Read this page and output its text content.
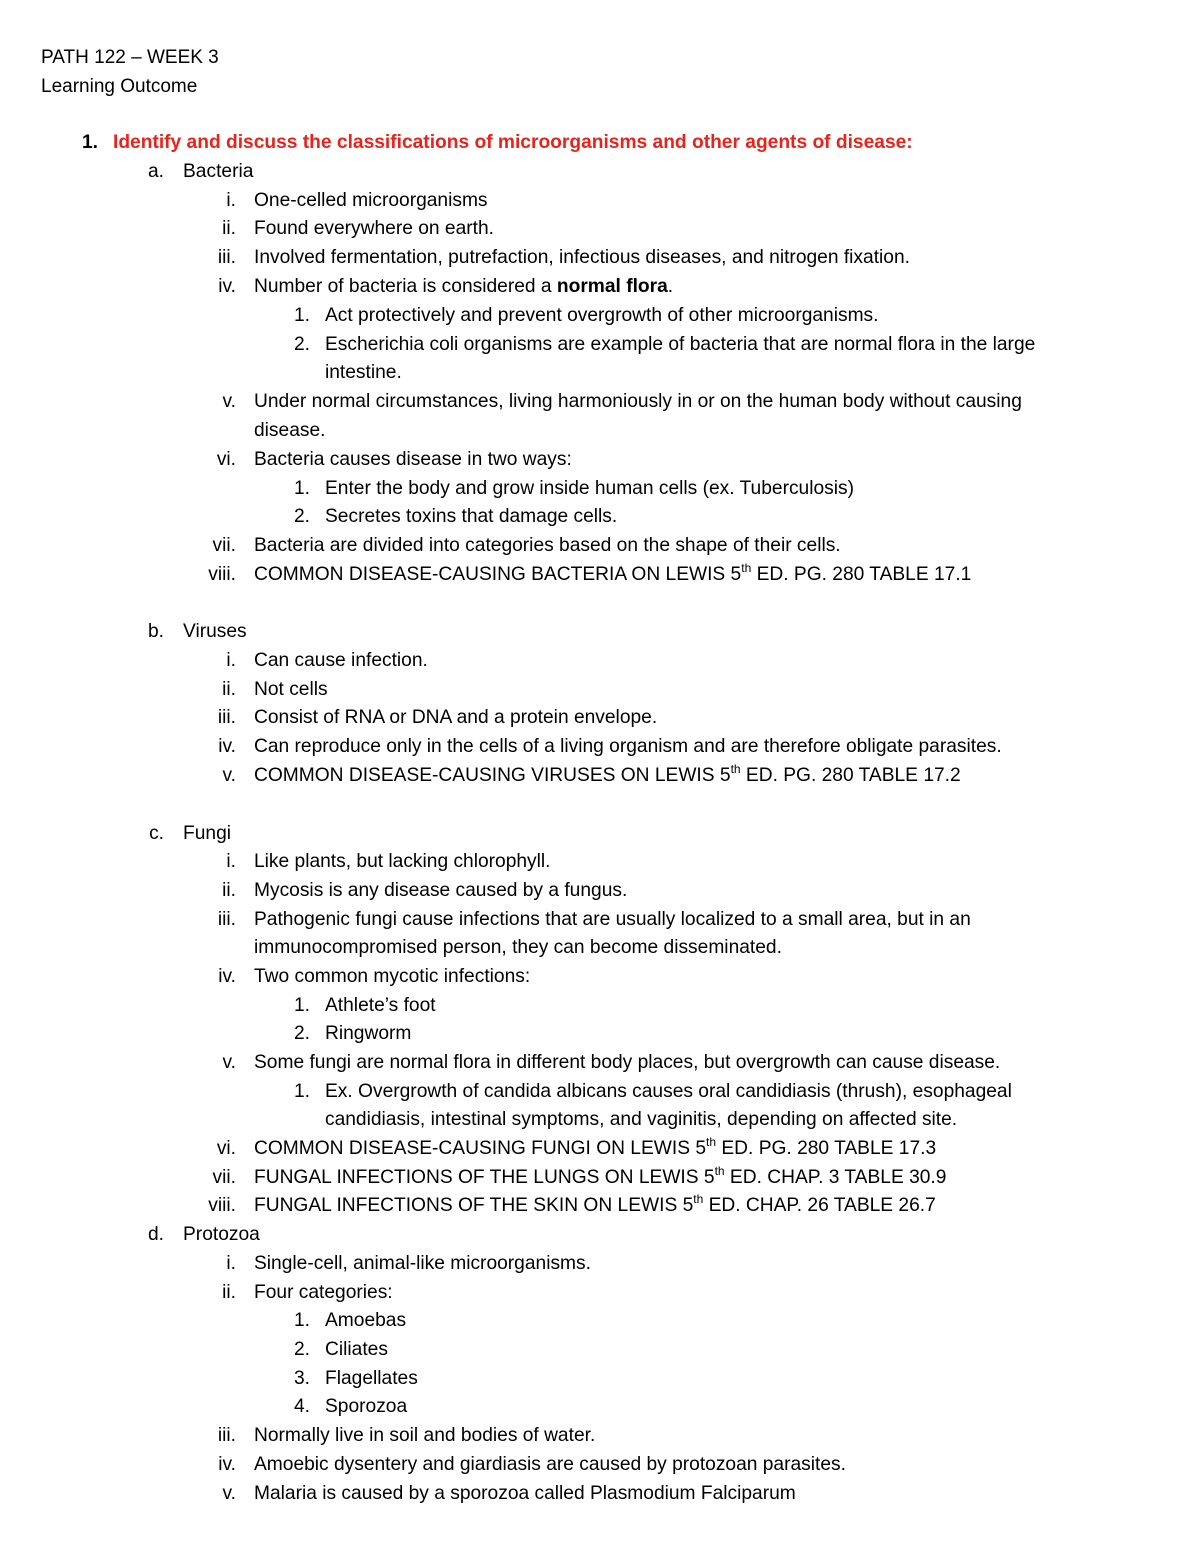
PATH 122 – WEEK 3
Learning Outcome
1. Identify and discuss the classifications of microorganisms and other agents of disease:
a. Bacteria
i. One-celled microorganisms
ii. Found everywhere on earth.
iii. Involved fermentation, putrefaction, infectious diseases, and nitrogen fixation.
iv. Number of bacteria is considered a normal flora.
1. Act protectively and prevent overgrowth of other microorganisms.
2. Escherichia coli organisms are example of bacteria that are normal flora in the large
intestine.
v. Under normal circumstances, living harmoniously in or on the human body without causing
disease.
vi. Bacteria causes disease in two ways:
1. Enter the body and grow inside human cells (ex. Tuberculosis)
2. Secretes toxins that damage cells.
vii. Bacteria are divided into categories based on the shape of their cells.
viii. COMMON DISEASE-CAUSING BACTERIA ON LEWIS 5th ED. PG. 280 TABLE 17.1
b. Viruses
i. Can cause infection.
ii. Not cells
iii. Consist of RNA or DNA and a protein envelope.
iv. Can reproduce only in the cells of a living organism and are therefore obligate parasites.
v. COMMON DISEASE-CAUSING VIRUSES ON LEWIS 5th ED. PG. 280 TABLE 17.2
c. Fungi
i. Like plants, but lacking chlorophyll.
ii. Mycosis is any disease caused by a fungus.
iii. Pathogenic fungi cause infections that are usually localized to a small area, but in an
immunocompromised person, they can become disseminated.
iv. Two common mycotic infections:
1. Athlete’s foot
2. Ringworm
v. Some fungi are normal flora in different body places, but overgrowth can cause disease.
1. Ex. Overgrowth of candida albicans causes oral candidiasis (thrush), esophageal
candidiasis, intestinal symptoms, and vaginitis, depending on affected site.
vi. COMMON DISEASE-CAUSING FUNGI ON LEWIS 5th ED. PG. 280 TABLE 17.3
vii. FUNGAL INFECTIONS OF THE LUNGS ON LEWIS 5th ED. CHAP. 3 TABLE 30.9
viii. FUNGAL INFECTIONS OF THE SKIN ON LEWIS 5th ED. CHAP. 26 TABLE 26.7
d. Protozoa
i. Single-cell, animal-like microorganisms.
ii. Four categories:
1. Amoebas
2. Ciliates
3. Flagellates
4. Sporozoa
iii. Normally live in soil and bodies of water.
iv. Amoebic dysentery and giardiasis are caused by protozoan parasites.
v. Malaria is caused by a sporozoa called Plasmodium Falciparum
